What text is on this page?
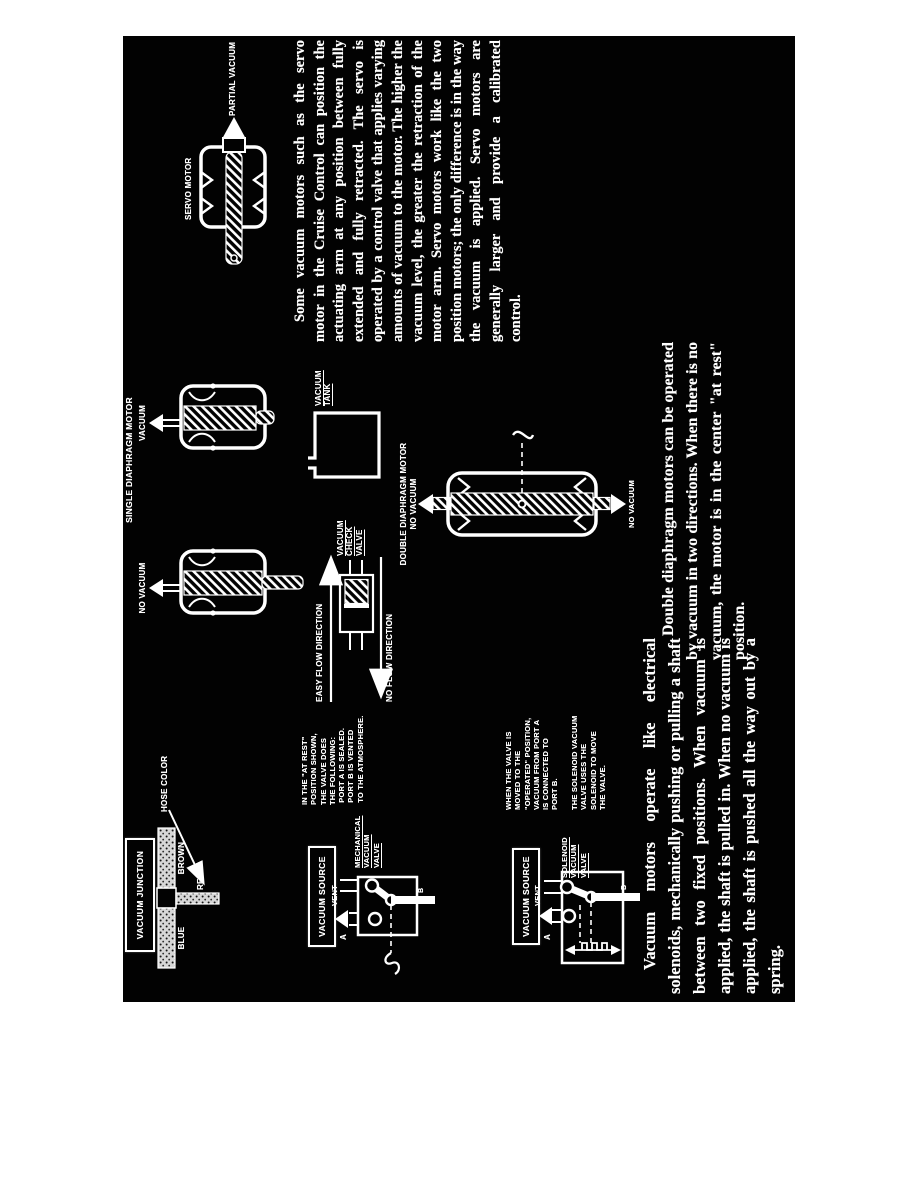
VACUUM JUNCTION	BLUE
BROWN
RED
HOSE COLOR
VACUUM SOURCE
IN THE "AT REST" POSITION SHOWN, THE VALVE DOES THE FOLLOWING: PORT A IS SEALED. PORT B IS VENTED TO THE ATMOSPHERE.
MECHANICAL VACUUM VALVE
VENT
A
B	VACUUM SOURCE
WHEN THE VALVE IS MOVED TO THE "OPERATED" POSITION, VACUUM FROM PORT A IS CONNECTED TO PORT B. THE SOLENOID VACUUM VALVE USES THE SOLENOID TO MOVE THE VALVE.
SOLENOID VACUUM VALVE
VENT
A
B
SINGLE DIAPHRAGM MOTOR
NO VACUUM
VACUUM
EASY FLOW DIRECTION	NO FLOW DIRECTION
VACUUM CHECK VALVE
VACUUM TANK
DOUBLE DIAPHRAGM MOTOR NO VACUUM	NO VACUUM
SERVO MOTOR
PARTIAL VACUUM	Some vacuum motors such as the servo motor in the Cruise Control can position the actuating arm at any position between fully extended and fully retracted. The servo is operated by a control valve that applies varying amounts of vacuum to the motor. The higher the vacuum level, the greater the retraction of the motor arm. Servo motors work like the two position motors; the only difference is in the way the vacuum is applied. Servo motors are generally larger and provide a calibrated control.
Double diaphragm motors can be operated by vacuum in two directions. When there is no vacuum, the motor is in the center "at rest" position.
Vacuum motors operate like electrical solenoids, mechanically pushing or pulling a shaft between two fixed positions. When vacuum is applied, the shaft is pulled in. When no vacuum is applied, the shaft is pushed all the way out by a spring.
